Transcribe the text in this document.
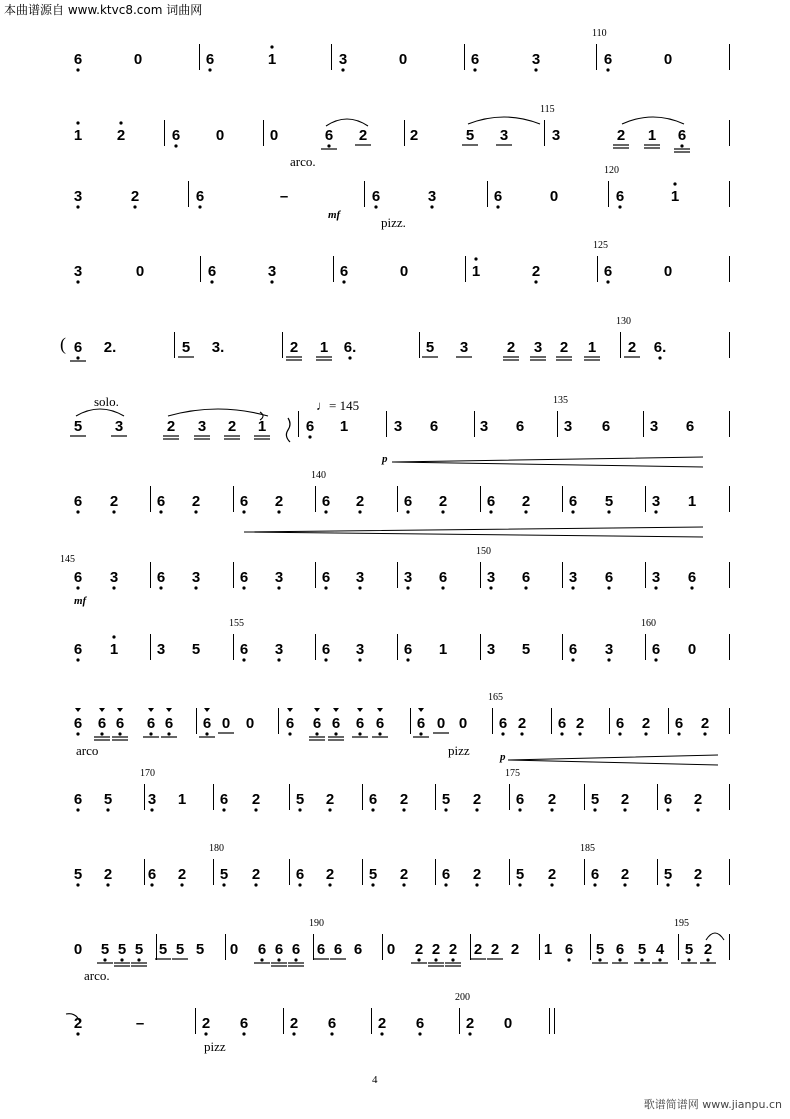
本曲谱源自 www.ktvc8.com 词曲网
110
115
120
125
130
135
140
145
150
155	160
165
170	175
180	185
190	195
200
arco.
pizz.
solo.
arco	pizz
arco.
pizz
mf
p
mf
p
♩= 145
(
6	0	6	1	3	0	6	3	6	0
1 2	6 0	0	6 2	2	5 3	3	2 1 6
3	2	6	–	6	3	6	0	6	1
3	0	6	3	6	0	1	2	6	0
6 2.	5 3.	2 1 6.	5 3	2 3 2 1 2 6.
5 3	2 3 2 1	6 1	3 6	3 6	3 6	3 6
6 2	6 2	6 2	6 2	6 2	6 2	6 5	3 1
6 3	6 3	6 3	6 3	3 6	3 6	3 6	3 6
6 1	3 5	6 3	6 3	6 1	3 5	6 3	6 0
6 6 6 6 6 6 0 0 6 6 6 6 6 6 0 0 6 2 6 2 6 2 6 2
6 5 3 1 6 2 5 2 6 2 5 2 6 2 5 2 6 2
5 2 6 2 5 2 6 2 5 2 6 2 5 2 6 2 5 2
0 5 5 5 5 5 5 0 6 6 6 6 6 6 0 2 2 2 2 2 2 1 6 5 6 5 4 5 2
2	–	2 6	2 6	2 6	2 0
4
歌谱简谱网 www.jianpu.cn
